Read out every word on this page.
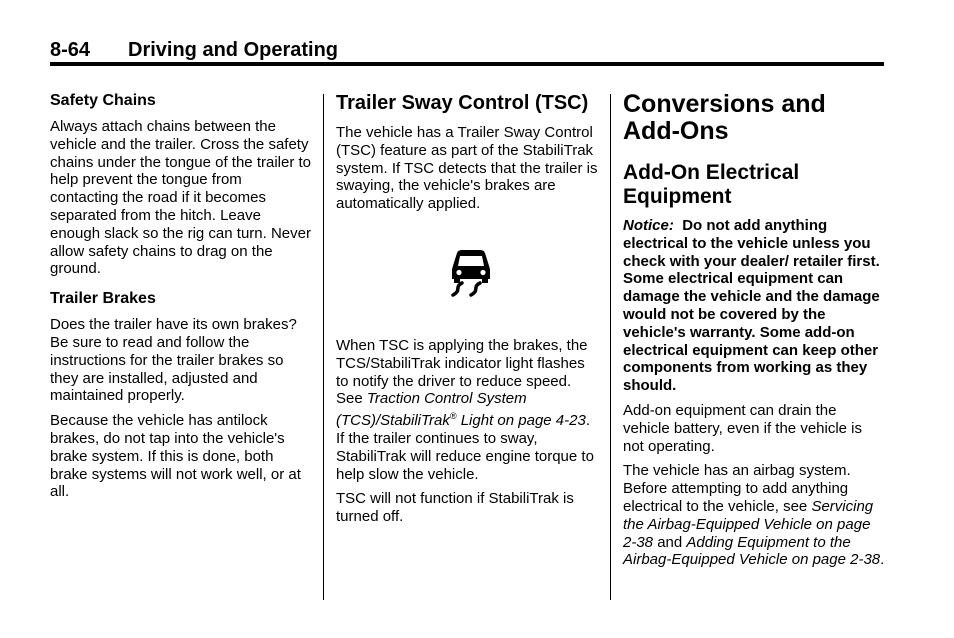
8-64 Driving and Operating
Safety Chains

Always attach chains between the vehicle and the trailer. Cross the safety chains under the tongue of the trailer to help prevent the tongue from contacting the road if it becomes separated from the hitch. Leave enough slack so the rig can turn. Never allow safety chains to drag on the ground.

Trailer Brakes

Does the trailer have its own brakes? Be sure to read and follow the instructions for the trailer brakes so they are installed, adjusted and maintained properly.

Because the vehicle has antilock brakes, do not tap into the vehicle's brake system. If this is done, both brake systems will not work well, or at all.

Trailer Sway Control (TSC)

The vehicle has a Trailer Sway Control (TSC) feature as part of the StabiliTrak system. If TSC detects that the trailer is swaying, the vehicle's brakes are automatically applied.

When TSC is applying the brakes, the TCS/StabiliTrak indicator light flashes to notify the driver to reduce speed. See Traction Control System (TCS)/StabiliTrak® Light on page 4-23. If the trailer continues to sway, StabiliTrak will reduce engine torque to help slow the vehicle.

TSC will not function if StabiliTrak is turned off.

Conversions and Add-Ons
Add-On Electrical Equipment

Notice: Do not add anything electrical to the vehicle unless you check with your dealer/ retailer first. Some electrical equipment can damage the vehicle and the damage would not be covered by the vehicle's warranty. Some add-on electrical equipment can keep other components from working as they should.

Add-on equipment can drain the vehicle battery, even if the vehicle is not operating.

The vehicle has an airbag system. Before attempting to add anything electrical to the vehicle, see Servicing the Airbag-Equipped Vehicle on page 2-38 and Adding Equipment to the Airbag-Equipped Vehicle on page 2-38.
